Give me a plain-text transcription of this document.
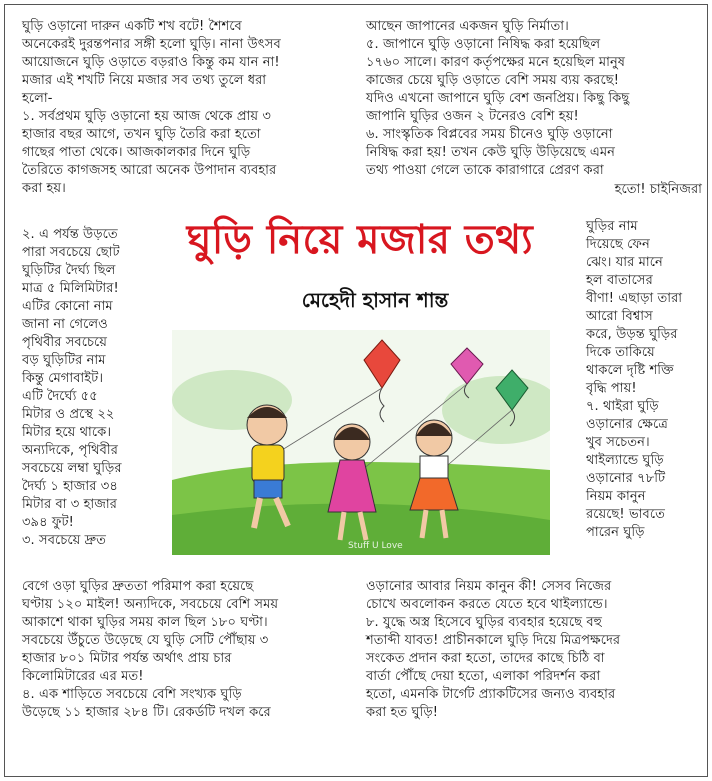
ঘুড়ি ওড়ানো দারুন একটি শখ বটে! শৈশবে
অনেকেরই দুরন্তপনার সঙ্গী হলো ঘুড়ি। নানা উৎসব
আয়োজনে ঘুড়ি ওড়াতে বড়রাও কিন্তু কম যান না!
মজার এই শখটি নিয়ে মজার সব তথ্য তুলে ধরা
হলো-
১. সর্বপ্রথম ঘুড়ি ওড়ানো হয় আজ থেকে প্রায় ৩
হাজার বছর আগে, তখন ঘুড়ি তৈরি করা হতো
গাছের পাতা থেকে। আজকালকার দিনে ঘুড়ি
তৈরিতে কাগজসহ আরো অনেক উপাদান ব্যবহার
করা হয়।
২. এ পর্যন্ত উড়তে
পারা সবচেয়ে ছোট
ঘুড়িটির দৈর্ঘ্য ছিল
মাত্র ৫ মিলিমিটার!
এটির কোনো নাম
জানা না গেলেও
পৃথিবীর সবচেয়ে
বড় ঘুড়িটির নাম
কিন্তু মেগাবাইট।
এটি দৈর্ঘ্যে ৫৫
মিটার ও প্রস্থে ২২
মিটার হয়ে থাকে।
অন্যদিকে, পৃথিবীর
সবচেয়ে লম্বা ঘুড়ির
দৈর্ঘ্য ১ হাজার ৩৪
মিটার বা ৩ হাজার
৩৯৪ ফুট!
৩. সবচেয়ে দ্রুত
বেগে ওড়া ঘুড়ির দ্রুততা পরিমাপ করা হয়েছে
ঘণ্টায় ১২০ মাইল! অন্যদিকে, সবচেয়ে বেশি সময়
আকাশে থাকা ঘুড়ির সময় কাল ছিল ১৮০ ঘণ্টা।
সবচেয়ে উঁচুতে উড়েছে যে ঘুড়ি সেটি পৌঁছায় ৩
হাজার ৮০১ মিটার পর্যন্ত অর্থাৎ প্রায় চার
কিলোমিটারের এর মত!
৪. এক শাড়িতে সবচেয়ে বেশি সংখ্যক ঘুড়ি
উড়েছে ১১ হাজার ২৮৪ টি। রেকর্ডটি দখল করে
আছেন জাপানের একজন ঘুড়ি নির্মাতা।
৫. জাপানে ঘুড়ি ওড়ানো নিষিদ্ধ করা হয়েছিল
১৭৬০ সালে। কারণ কর্তৃপক্ষের মনে হয়েছিল মানুষ
কাজের চেয়ে ঘুড়ি ওড়াতে বেশি সময় ব্যয় করছে!
যদিও এখনো জাপানে ঘুড়ি বেশ জনপ্রিয়। কিছু কিছু
জাপানি ঘুড়ির ওজন ২ টনেরও বেশি হয়!
৬. সাংস্কৃতিক বিপ্লবের সময় চীনেও ঘুড়ি ওড়ানো
নিষিদ্ধ করা হয়! তখন কেউ ঘুড়ি উড়িয়েছে এমন
তথ্য পাওয়া গেলে তাকে কারাগারে প্রেরণ করা
হতো! চাইনিজরা
ঘুড়ির নাম
দিয়েছে ফেন
ঝেং। যার মানে
হল বাতাসের
বীণা! এছাড়া তারা
আরো বিশ্বাস
করে, উড়ন্ত ঘুড়ির
দিকে তাকিয়ে
থাকলে দৃষ্টি শক্তি
বৃদ্ধি পায়!
৭. থাইরা ঘুড়ি
ওড়ানোর ক্ষেত্রে
খুব সচেতন।
থাইল্যান্ডে ঘুড়ি
ওড়ানোর ৭৮টি
নিয়ম কানুন
রয়েছে! ভাবতে
পারেন ঘুড়ি
ওড়ানোর আবার নিয়ম কানুন কী! সেসব নিজের
চোখে অবলোকন করতে যেতে হবে থাইল্যান্ডে।
৮. যুদ্ধে অস্ত্র হিসেবে ঘুড়ির ব্যবহার হয়েছে বহু
শতাব্দী যাবত! প্রাচীনকালে ঘুড়ি দিয়ে মিত্রপক্ষদের
সংকেত প্রদান করা হতো, তাদের কাছে চিঠি বা
বার্তা পৌঁছে দেয়া হতো, এলাকা পরিদর্শন করা
হতো, এমনকি টার্গেট প্র্যাকটিসের জন্যও ব্যবহার
করা হত ঘুড়ি!
ঘুড়ি নিয়ে মজার তথ্য
মেহেদী হাসান শান্ত
Stuff U Love
